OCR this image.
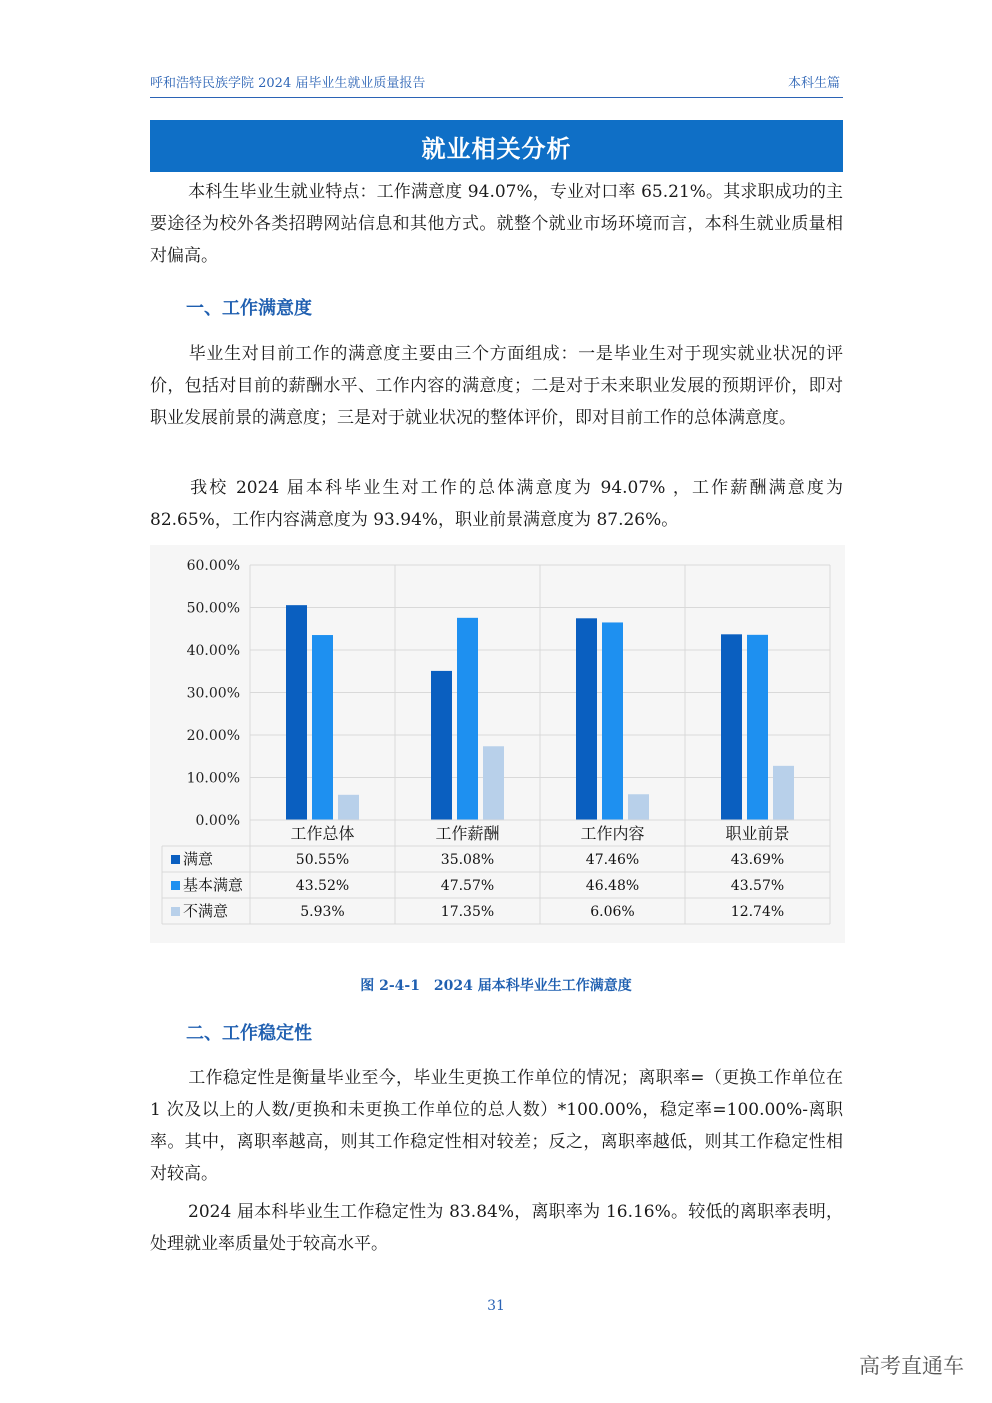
呼和浩特民族学院 2024 届毕业生就业质量报告	本科生篇
就业相关分析
本科生毕业生就业特点：工作满意度 94.07%，专业对口率 65.21%。其求职成功的主要途径为校外各类招聘网站信息和其他方式。就整个就业市场环境而言，本科生就业质量相对偏高。
一、工作满意度
毕业生对目前工作的满意度主要由三个方面组成：一是毕业生对于现实就业状况的评价，包括对目前的薪酬水平、工作内容的满意度；二是对于未来职业发展的预期评价，即对职业发展前景的满意度；三是对于就业状况的整体评价，即对目前工作的总体满意度。
我校 2024 届本科毕业生对工作的总体满意度为 94.07% ，工作薪酬满意度为 82.65%，工作内容满意度为 93.94%，职业前景满意度为 87.26%。
0.00%
10.00%
20.00%
30.00%
40.00%
50.00%
60.00%
工作总体	工作薪酬	工作内容	职业前景
满意	50.55%	35.08%	47.46%	43.69%
基本满意	43.52%	47.57%	46.48%	43.57%
不满意	5.93%	17.35%	6.06%	12.74%
图 2-4-1　2024 届本科毕业生工作满意度
二、工作稳定性
工作稳定性是衡量毕业至今，毕业生更换工作单位的情况；离职率=（更换工作单位在 1 次及以上的人数/更换和未更换工作单位的总人数）*100.00%，稳定率=100.00%-离职率。其中，离职率越高，则其工作稳定性相对较差；反之，离职率越低，则其工作稳定性相对较高。
2024 届本科毕业生工作稳定性为 83.84%，离职率为 16.16%。较低的离职率表明，处理就业率质量处于较高水平。
31
高考直通车
